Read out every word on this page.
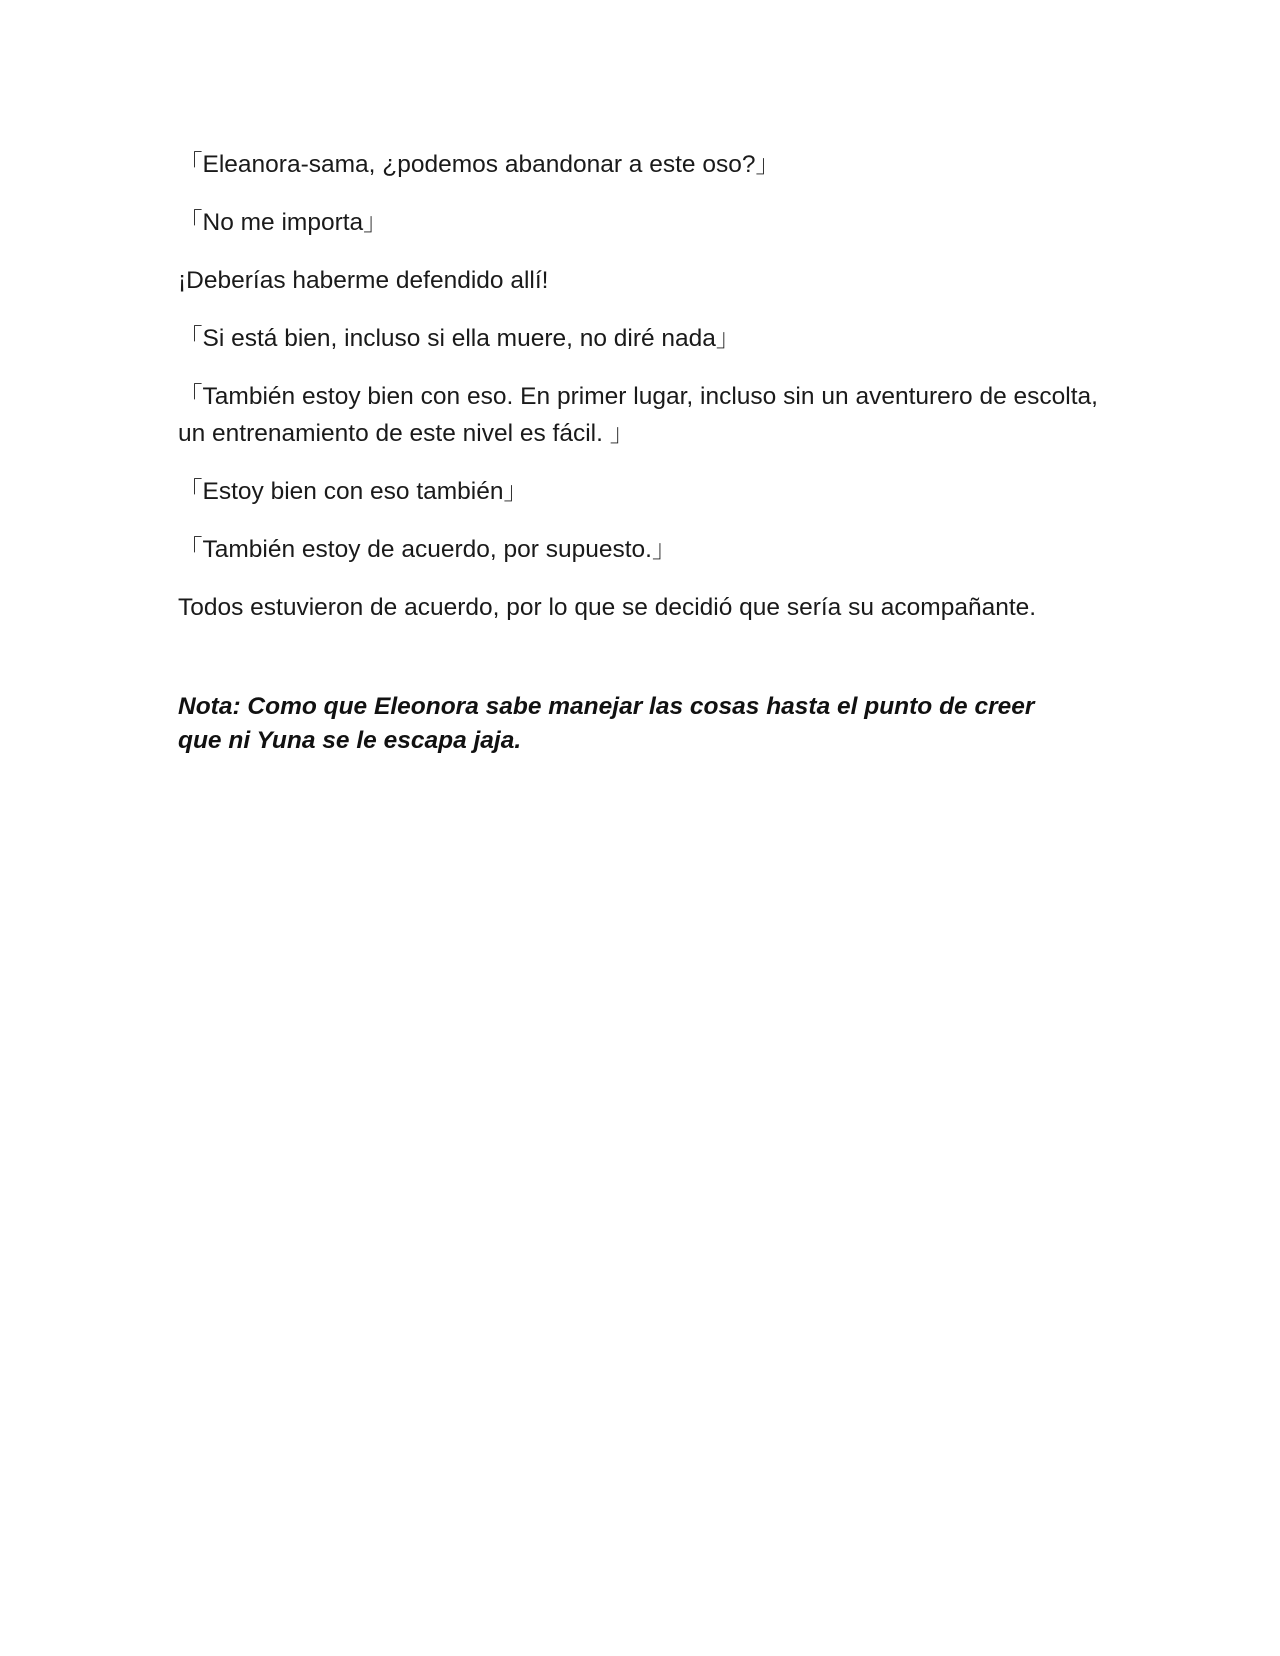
「Eleanora-sama, ¿podemos abandonar a este oso?」

「No me importa」

¡Deberías haberme defendido allí!

「Si está bien, incluso si ella muere, no diré nada」

「También estoy bien con eso. En primer lugar, incluso sin un aventurero de escolta, un entrenamiento de este nivel es fácil. 」

「Estoy bien con eso también」

「También estoy de acuerdo, por supuesto.」

Todos estuvieron de acuerdo, por lo que se decidió que sería su acompañante.

Nota: Como que Eleonora sabe manejar las cosas hasta el punto de creer que ni Yuna se le escapa jaja.
